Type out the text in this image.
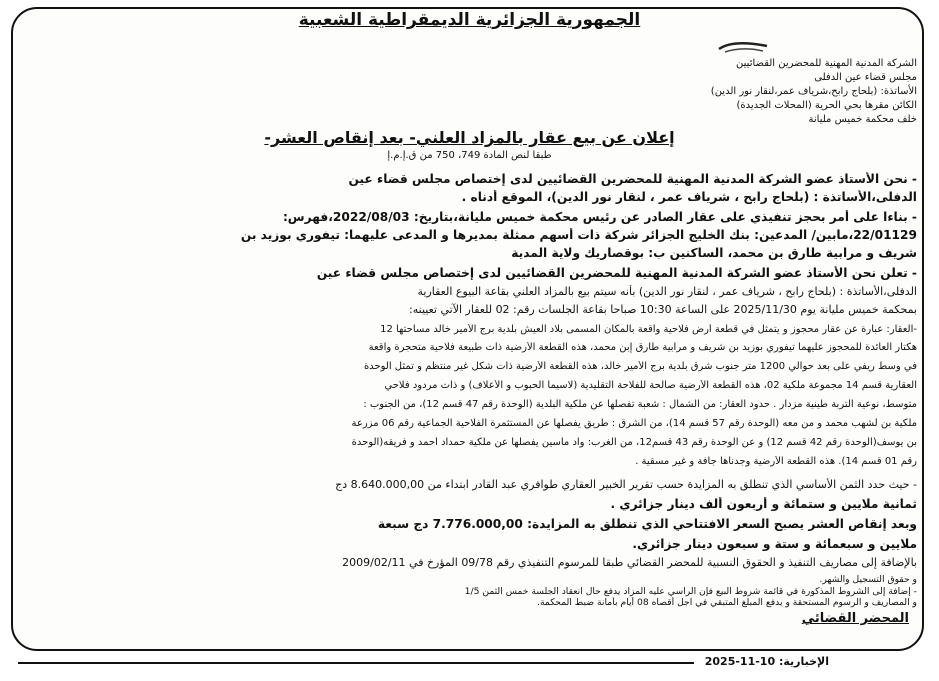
الجمهورية الجزائرية الديمقراطية الشعبية
الشركة المدنية المهنية للمحضرين القضائيين
مجلس قضاء عين الدفلى
الأساتذة: (بلحاج رابح،شرياف عمر،لنقار نور الدين)
الكائن مقرها بحي الحرية (المحلات الجديدة)
خلف محكمة خميس مليانة
إعلان عن بيع عقار بالمزاد العلني- بعد إنقاص العشر-
طبقا لنص المادة 749، 750 من ق.إ.م.إ
- نحن الأستاذ عضو الشركة المدنية المهنية للمحضرين القضائيين لدى إختصاص مجلس قضاء عين
الدفلى،الأساتذة : (بلحاج رابح ، شرياف عمر ، لنقار نور الدين)، الموقع أدناه .
- بناءا على أمر بحجز تنفيذي على عقار الصادر عن رئيس محكمة خميس مليانة،بتاريخ: 2022/08/03،فهرس:
22/01129،مابين/ المدعين: بنك الخليج الجزائر شركة ذات أسهم ممثلة بمديرها و المدعى عليهما: تيفوري بوزيد بن
شريف و مرابية طارق بن محمد، الساكنين ب: بوقصاريك ولاية المدية
- تعلن نحن الأستاذ عضو الشركة المدنية المهنية للمحضرين القضائيين لدى إختصاص مجلس قضاء عين
الدفلى،الأساتذة : (بلحاج رابح ، شرياف عمر ، لنقار نور الدين) بأنه سيتم بيع بالمزاد العلني بقاعة البيوع العقارية
بمحكمة خميس مليانة يوم 2025/11/30 على الساعة 10:30 صباحا بقاعة الجلسات رقم: 02 للعقار الآتي تعيينه:
-العقار: عبارة عن عقار محجوز و يتمثل في قطعة أرض فلاحية واقعة بالمكان المسمى بلاد العيش بلدية برج الأمير خالد مساحتها 12
هكتار العائدة للمحجوز عليهما تيفوري بوزيد بن شريف و مرابية طارق إبن محمد، هذه القطعة الأرضية ذات طبيعة فلاحية متحجرة واقعة
في وسط ريفي على بعد حوالي 1200 متر جنوب شرق بلدية برج الأمير خالد، هذه القطعة الأرضية ذات شكل غير منتظم و تمثل الوحدة
العقارية قسم 14 مجموعة ملكية 02، هذه القطعة الأرضية صالحة للفلاحة التقليدية (لاسيما الحبوب و الأعلاف) و ذات مردود فلاحي
متوسط، نوعية التربة طينية مزدار . حدود العقار: من الشمال : شعبة تفصلها عن ملكية البلدية (الوحدة رقم 47 قسم 12)، من الجنوب :
ملكية بن لشهب محمد و من معه (الوحدة رقم 57 قسم 14)، من الشرق : طريق يفصلها عن المستثمرة الفلاحية الجماعية رقم 06 مزرعة
بن يوسف(الوحدة رقم 42 قسم 12) و عن الوحدة رقم 43 قسم12، من الغرب: واد ماسين يفصلها عن ملكية حمداد أحمد و فريقه(الوحدة
رقم 01 قسم 14). هذه القطعة الأرضية وجدناها جافة و غير مسقية .
- حيث حدد الثمن الأساسي الذي تنطلق به المزايدة حسب تقرير الخبير العقاري طوافري عبد القادر ابتداء من 8.640.000,00 دج
ثمانية ملايين و ستمائة و أربعون ألف دينار جزائري .
وبعد إنقاص العشر يصبح السعر الافتتاحي الذي تنطلق به المزايدة: 7.776.000,00 دج سبعة
ملايين و سبعمائة و ستة و سبعون دينار جزائري.
بالإضافة إلى مصاريف التنفيذ و الحقوق النسبية للمحضر القضائي طبقا للمرسوم التنفيذي رقم 09/78 المؤرخ في 2009/02/11
و حقوق التسجيل والشهر.
- إضافة إلى الشروط المذكورة في قائمة شروط البيع فإن الراسي عليه المزاد يدفع حال انعقاد الجلسة خمس الثمن 1/5
و المصاريف و الرسوم المستحقة و يدفع المبلغ المتبقي في اجل أقصاه 08 أيام بأمانة ضبط المحكمة.
المحضر القضائي
الإخبارية: 2025-11-10
